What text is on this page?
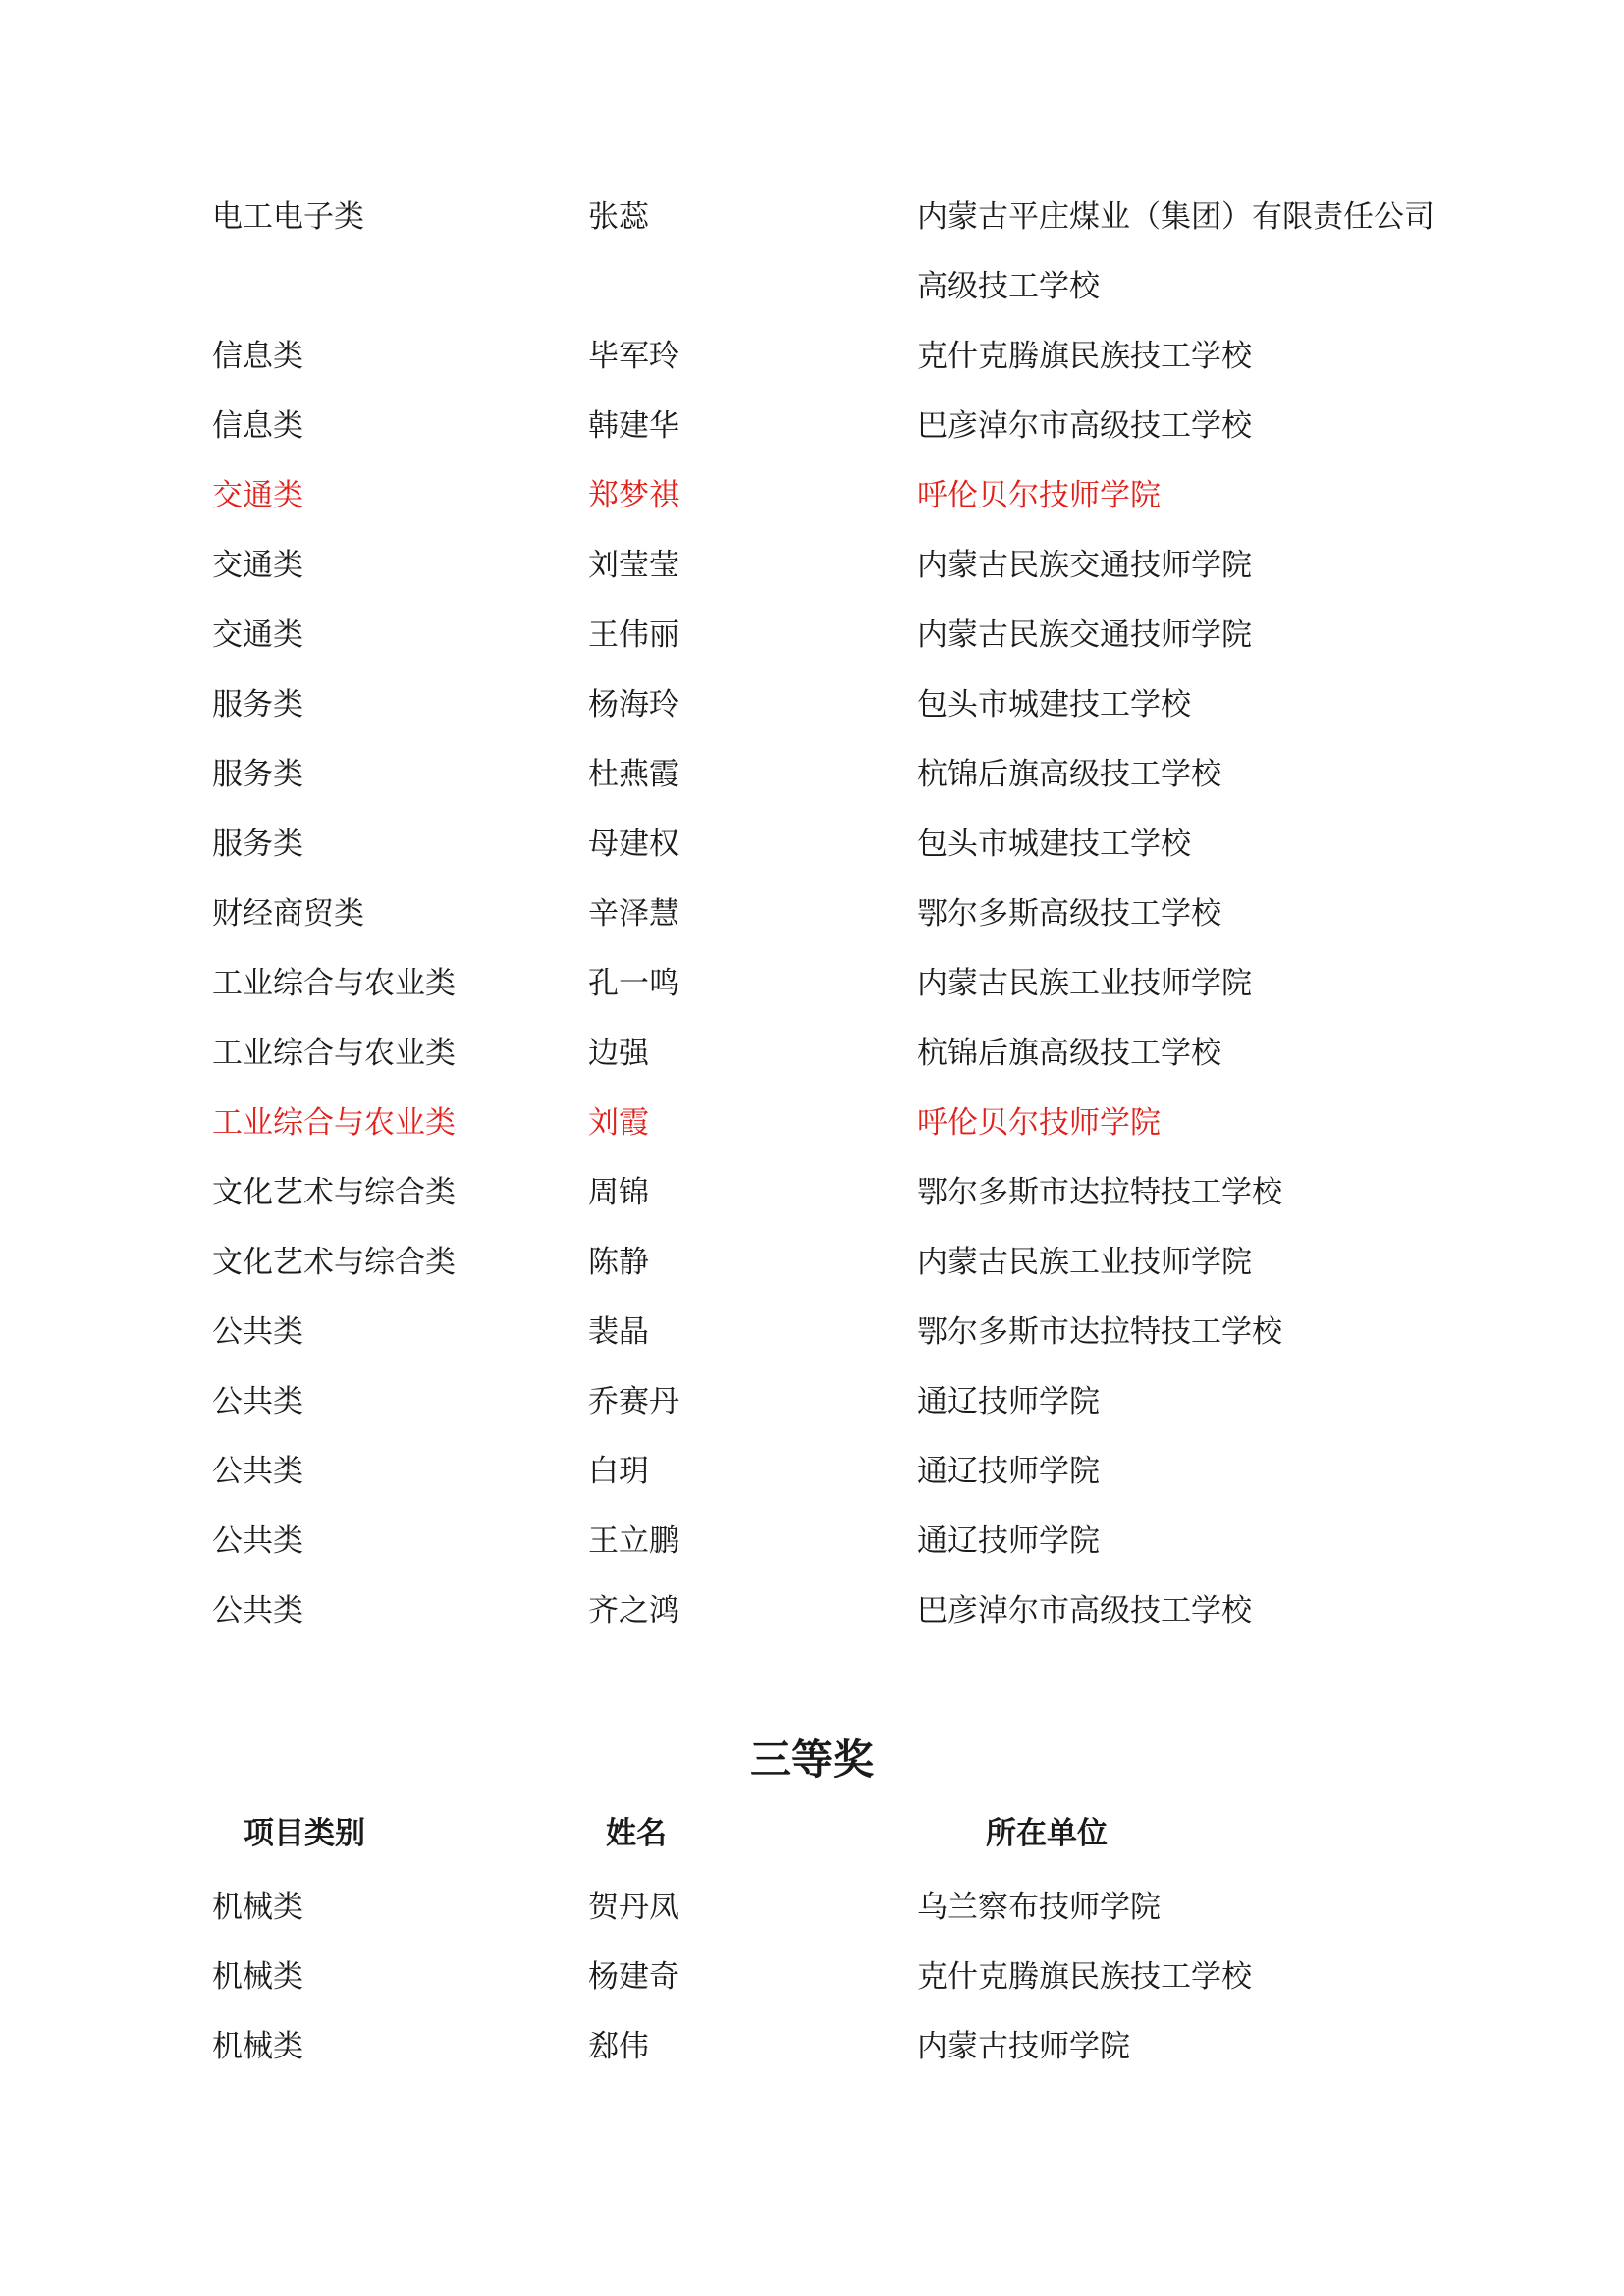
电工电子类	张蕊	内蒙古平庄煤业（集团）有限责任公司高级技工学校
信息类	毕军玲	克什克腾旗民族技工学校
信息类	韩建华	巴彦淖尔市高级技工学校
交通类	郑梦祺	呼伦贝尔技师学院
交通类	刘莹莹	内蒙古民族交通技师学院
交通类	王伟丽	内蒙古民族交通技师学院
服务类	杨海玲	包头市城建技工学校
服务类	杜燕霞	杭锦后旗高级技工学校
服务类	母建权	包头市城建技工学校
财经商贸类	辛泽慧	鄂尔多斯高级技工学校
工业综合与农业类	孔一鸣	内蒙古民族工业技师学院
工业综合与农业类	边强	杭锦后旗高级技工学校
工业综合与农业类	刘霞	呼伦贝尔技师学院
文化艺术与综合类	周锦	鄂尔多斯市达拉特技工学校
文化艺术与综合类	陈静	内蒙古民族工业技师学院
公共类	裴晶	鄂尔多斯市达拉特技工学校
公共类	乔赛丹	通辽技师学院
公共类	白玥	通辽技师学院
公共类	王立鹏	通辽技师学院
公共类	齐之鸿	巴彦淖尔市高级技工学校
三等奖
项目类别	姓名	所在单位
机械类	贺丹凤	乌兰察布技师学院
机械类	杨建奇	克什克腾旗民族技工学校
机械类	郄伟	内蒙古技师学院
